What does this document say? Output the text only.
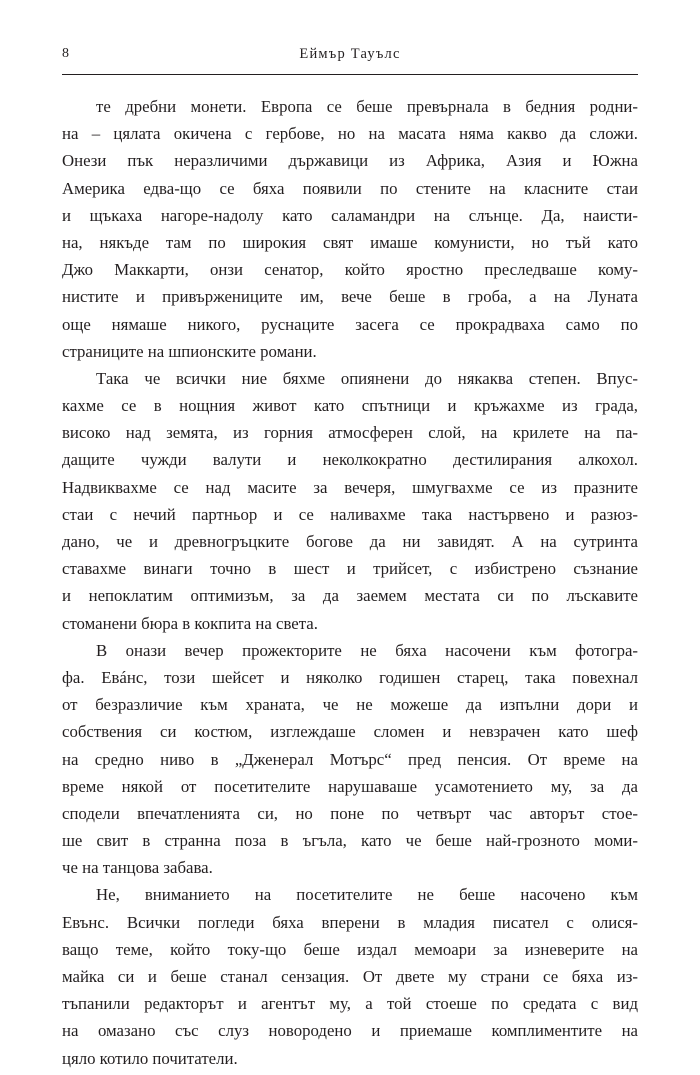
8	Еймър Тауълс
те дребни монети. Европа се беше превърнала в бедния родни-
на – цялата окичена с гербове, но на масата няма какво да сложи.
Онези пък неразличими държавици из Африка, Азия и Южна
Америка едва-що се бяха появили по стените на класните стаи
и щъкаха нагоре-надолу като саламандри на слънце. Да, наисти-
на, някъде там по широкия свят имаше комунисти, но тъй като
Джо Маккарти, онзи сенатор, който яростно преследваше кому-
нистите и привържениците им, вече беше в гроба, а на Луната
още нямаше никого, руснаците засега се прокрадваха само по
страниците на шпионските романи.
Така че всички ние бяхме опиянени до някаква степен. Впус-
кахме се в нощния живот като спътници и кръжахме из града,
високо над земята, из горния атмосферен слой, на крилете на па-
дащите чужди валути и неколкократно дестилирания алкохол.
Надвиквахме се над масите за вечеря, шмугвахме се из празните
стаи с нечий партньор и се наливахме така настървено и разюз-
дано, че и древногръцките богове да ни завидят. А на сутринта
ставахме винаги точно в шест и трийсет, с избистрено съзнание
и непоклатим оптимизъм, за да заемем местата си по лъскавите
стоманени бюра в кокпита на света.
В онази вечер прожекторите не бяха насочени към фотогра-
фа. Евáнс, този шейсет и няколко годишен старец, така повехнал
от безразличие към храната, че не можеше да изпълни дори и
собствения си костюм, изглеждаше сломен и невзрачен като шеф
на средно ниво в „Дженерал Мотърс“ пред пенсия. От време на
време някой от посетителите нарушаваше усамотението му, за да
сподели впечатленията си, но поне по четвърт час авторът стое-
ше свит в странна поза в ъгъла, като че беше най-грозното моми-
че на танцова забава.
Не, вниманието на посетителите не беше насочено към
Евънс. Всички погледи бяха вперени в младия писател с олися-
ващо теме, който току-що беше издал мемоари за изневерите на
майка си и беше станал сензация. От двете му страни се бяха из-
тъпанили редакторът и агентът му, а той стоеше по средата с вид
на омазано със слуз новородено и приемаше комплиментите на
цяло котило почитатели.
